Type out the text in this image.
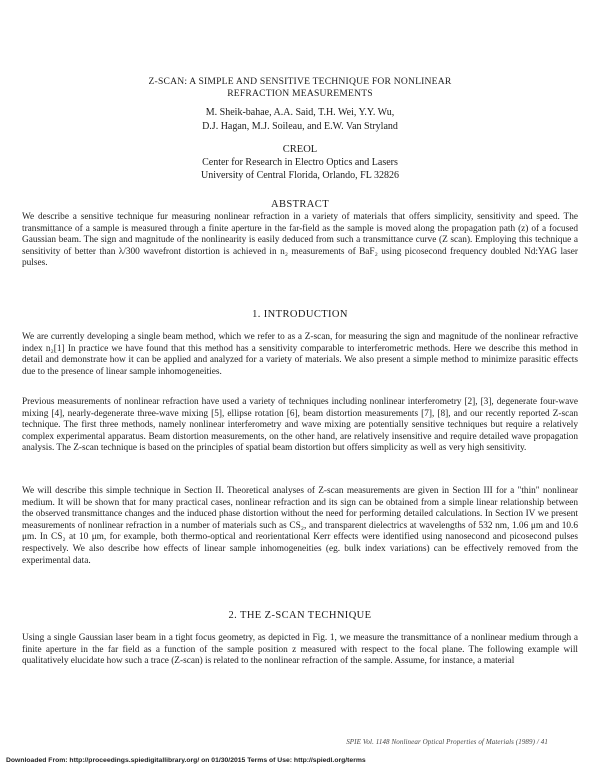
Z-SCAN: A SIMPLE AND SENSITIVE TECHNIQUE FOR NONLINEAR
REFRACTION MEASUREMENTS
M. Sheik-bahae, A.A. Said, T.H. Wei, Y.Y. Wu,
D.J. Hagan, M.J. Soileau, and E.W. Van Stryland
CREOL
Center for Research in Electro Optics and Lasers
University of Central Florida, Orlando, FL 32826
ABSTRACT

We describe a sensitive technique fur measuring nonlinear refraction in a variety of materials that offers simplicity, sensitivity and speed. The transmittance of a sample is measured through a finite aperture in the far-field as the sample is moved along the propagation path (z) of a focused Gaussian beam. The sign and magnitude of the nonlinearity is easily deduced from such a transmittance curve (Z scan). Employing this technique a sensitivity of better than λ/300 wavefront distortion is achieved in n₂ measurements of BaF₂ using picosecond frequency doubled Nd:YAG laser pulses.

1. INTRODUCTION

We are currently developing a single beam method, which we refer to as a Z-scan, for measuring the sign and magnitude of the nonlinear refractive index n₂[1] In practice we have found that this method has a sensitivity comparable to interferometric methods. Here we describe this method in detail and demonstrate how it can be applied and analyzed for a variety of materials. We also present a simple method to minimize parasitic effects due to the presence of linear sample inhomogeneities.

Previous measurements of nonlinear refraction have used a variety of techniques including nonlinear interferometry [2], [3], degenerate four-wave mixing [4], nearly-degenerate three-wave mixing [5], ellipse rotation [6], beam distortion measurements [7], [8], and our recently reported Z-scan technique. The first three methods, namely nonlinear interferometry and wave mixing are potentially sensitive techniques but require a relatively complex experimental apparatus. Beam distortion measurements, on the other hand, are relatively insensitive and require detailed wave propagation analysis. The Z-scan technique is based on the principles of spatial beam distortion but offers simplicity as well as very high sensitivity.

We will describe this simple technique in Section II. Theoretical analyses of Z-scan measurements are given in Section III for a "thin" nonlinear medium. It will be shown that for many practical cases, nonlinear refraction and its sign can be obtained from a simple linear relationship between the observed transmittance changes and the induced phase distortion without the need for performing detailed calculations. In Section IV we present measurements of nonlinear refraction in a number of materials such as CS₂, and transparent dielectrics at wavelengths of 532 nm, 1.06 μm and 10.6 μm. In CS₂ at 10 μm, for example, both thermo-optical and reorientational Kerr effects were identified using nanosecond and picosecond pulses respectively. We also describe how effects of linear sample inhomogeneities (eg. bulk index variations) can be effectively removed from the experimental data.

2. THE Z-SCAN TECHNIQUE

Using a single Gaussian laser beam in a tight focus geometry, as depicted in Fig. 1, we measure the transmittance of a nonlinear medium through a finite aperture in the far field as a function of the sample position z measured with respect to the focal plane. The following example will qualitatively elucidate how such a trace (Z-scan) is related to the nonlinear refraction of the sample. Assume, for instance, a material

SPIE Vol. 1148 Nonlinear Optical Properties of Materials (1989) / 41
Downloaded From: http://proceedings.spiedigitallibrary.org/ on 01/30/2015 Terms of Use: http://spiedl.org/terms
